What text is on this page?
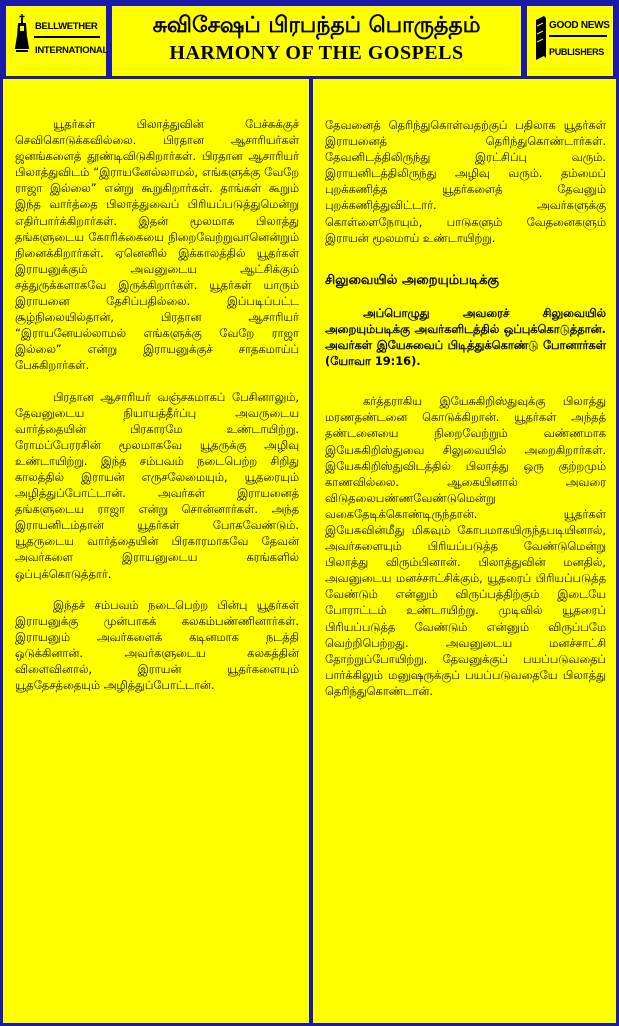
BELLWETHER
INTERNATIONAL
சுவிசேஷப் பிரபந்தப் பொருத்தம்
HARMONY OF THE GOSPELS
GOOD NEWS
PUBLISHERS

யூதர்கள் பிலாத்துவின் பேச்சுக்குச் செவிகொடுக்கவில்லை. பிரதான ஆசாரியர்கள் ஜனங்களைத் தூண்டிவிடுகிறார்கள். பிரதான ஆசாரியர் பிலாத்துவிடம் “இராயனேல்லாமல், எங்களுக்கு வேறே ராஜா இல்லை” என்று கூறுகிறார்கள். தாங்கள் கூறும் இந்த வார்த்தை பிலாத்துவைப் பிரியப்படுத்துமென்று எதிர்பார்க்கிறார்கள். இதன் மூலமாக பிலாத்து தங்களுடைய கோரிக்கையை நிறைவேற்றுவானென்றும் நினைக்கிறார்கள். ஏனெனில் இக்காலத்தில் யூதர்கள் இராயனுக்கும் அவனுடைய ஆட்சிக்கும் சத்துருக்களாகவே இருக்கிறார்கள். யூதர்கள் யாரும் இராயனை தேசிப்பதில்லை. இப்படிப்பட்ட சூழ்நிலையில்தான், பிரதான ஆசாரியர் “இராயனேயல்லாமல் எங்களுக்கு வேறே ராஜா இல்லை” என்று இராயனுக்குச் சாதகமாய்ப் பேசுகிறார்கள்.

பிரதான ஆசாரியர் வஞ்சகமாகப் பேசினாலும், தேவனுடைய நியாயத்தீர்ப்பு அவருடைய வார்த்தையின் பிரகாரமே உண்டாயிற்று. ரோமப்பேரரசின் மூலமாகவே யூதருக்கு அழிவு உண்டாயிற்று. இந்த சம்பவம் நடைபெற்ற சிறிது காலத்தில் இராயன் எருசலேமையும், யூதரையும் அழித்துப்போட்டான். அவர்கள் இராயனைத் தங்களுடைய ராஜா என்று சொன்னார்கள். அந்த இராயனிடம்தான் யூதர்கள் போகவேண்டும். யூதருடைய வார்த்தையின் பிரகாரமாகவே தேவன் அவர்களை இராயனுடைய கரங்களில் ஒப்புக்கொடுத்தார்.

இந்தச் சம்பவம் நடைபெற்ற பின்பு யூதர்கள் இராயனுக்கு முன்பாகக் கலகம்பண்ணினார்கள். இராயனும் அவர்களைக் கடினமாக நடத்தி ஒடுக்கினான். அவர்களுடைய கலகத்தின் விளைவினால், இராயன் யூதர்களையும் யூததேசத்தையும் அழித்துப்போட்டான்.

தேவனைத் தெரிந்துகொள்வதற்குப் பதிலாக யூதர்கள் இராயனைத் தெரிந்துகொண்டார்கள். தேவனிடத்திலிருந்து இரட்சிப்பு வரும். இராயனிடத்திலிருந்து அழிவு வரும். தம்மைப் புறக்கணித்த யூதர்களைத் தேவனும் புறக்கணித்துவிட்டார். அவர்களுக்கு கொள்ளைநோயும், பாடுகளும் வேதனைகளும் இராயன் மூலமாய் உண்டாயிற்று.

சிலுவையில் அறையும்படிக்கு

அப்பொழுது அவரைச் சிலுவையில் அறையும்படிக்கு அவர்களிடத்தில் ஒப்புக்கொடுத்தான். அவர்கள் இயேசுவைப் பிடித்துக்கொண்டு போனார்கள் (யோவா 19:16).

கர்த்தராகிய இயேசுகிறிஸ்துவுக்கு பிலாத்து மரணதண்டனை கொடுக்கிறான். யூதர்கள் அந்தத் தண்டனையை நிறைவேற்றும் வண்ணமாக இயேசுகிறிஸ்துவை சிலுவையில் அறைகிறார்கள். இயேசுகிறிஸ்துவிடத்தில் பிலாத்து ஒரு குற்றமும் காணவில்லை. ஆகையினால் அவரை விடுதலைபண்ணவேண்டுமென்று வகைதேடிக்கொண்டிருந்தான். யூதர்கள் இயேசுவின்மீது மிகவும் கோபமாகயிருந்தபடியினால், அவர்களையும் பிரியப்படுத்த வேண்டுமென்று பிலாத்து விரும்பினான். பிலாத்துவின் மனதில், அவனுடைய மனச்சாட்சிக்கும், யூதரைப் பிரியப்படுத்த வேண்டும் என்னும் விருப்பத்திற்கும் இடையே போராட்டம் உண்டாயிற்று. முடிவில் யூதரைப் பிரியப்படுத்த வேண்டும் என்னும் விருப்பமே வெற்றிபெற்றது. அவனுடைய மனச்சாட்சி தோற்றுப்போயிற்று. தேவனுக்குப் பயப்படுவதைப் பார்க்கிலும் மனுஷருக்குப் பயப்படுவதையே பிலாத்து தெரிந்துகொண்டான்.
